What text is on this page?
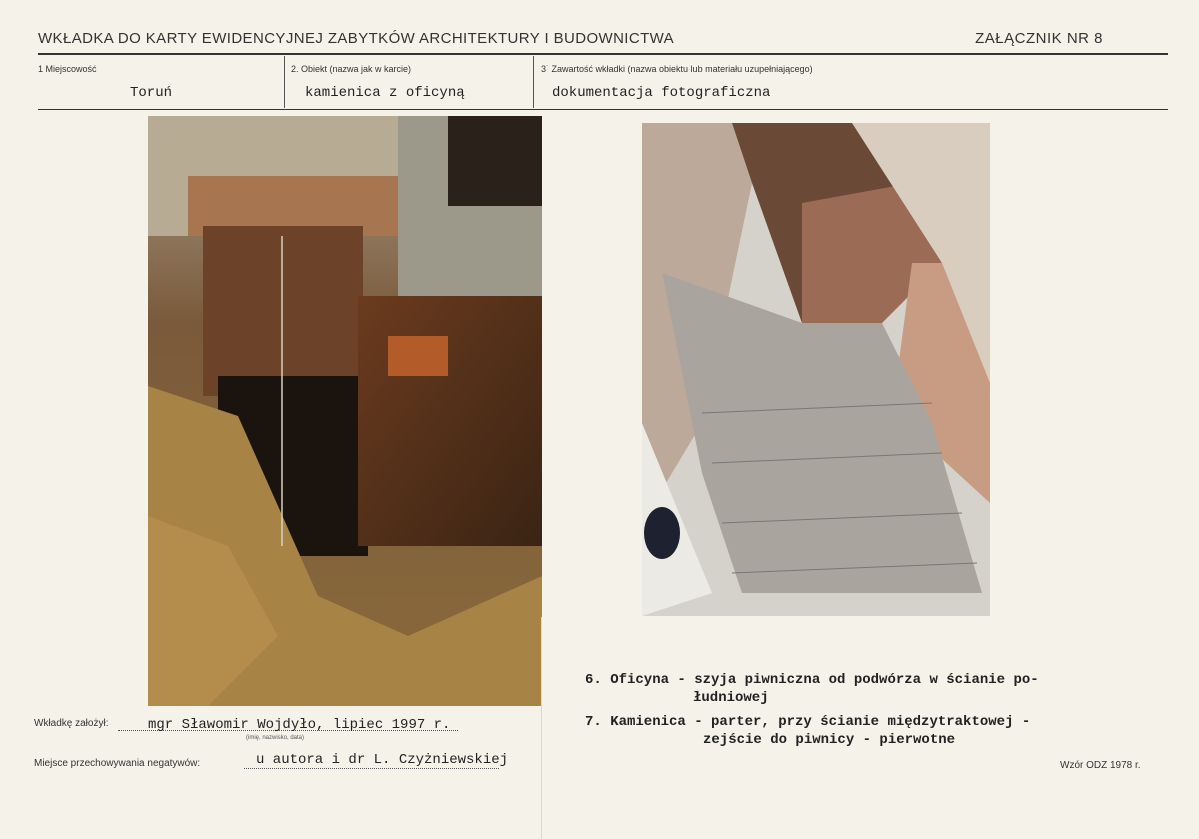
WKŁADKA DO KARTY EWIDENCYJNEJ ZABYTKÓW ARCHITEKTURY I BUDOWNICTWA	ZAŁĄCZNIK NR 8
1 Miejscowość
Toruń
2. Obiekt (nazwa jak w karcie)
kamienica z oficyną
3˙ Zawartość wkładki (nazwa obiektu lub materiału uzupełniającego)
dokumentacja fotograficzna
6. Oficyna - szyja piwniczna od podwórza w ścianie po-
łudniowej
7. Kamienica - parter, przy ścianie międzytraktowej -
zejście do piwnicy - pierwotne
Wkładkę założył:	mgr Sławomir Wojdyło, lipiec 1997 r.
(imię, nazwisko, data)
Miejsce przechowywania negatywów:	u autora i dr L. Czyżniewskiej	Wzór ODZ 1978 r.
